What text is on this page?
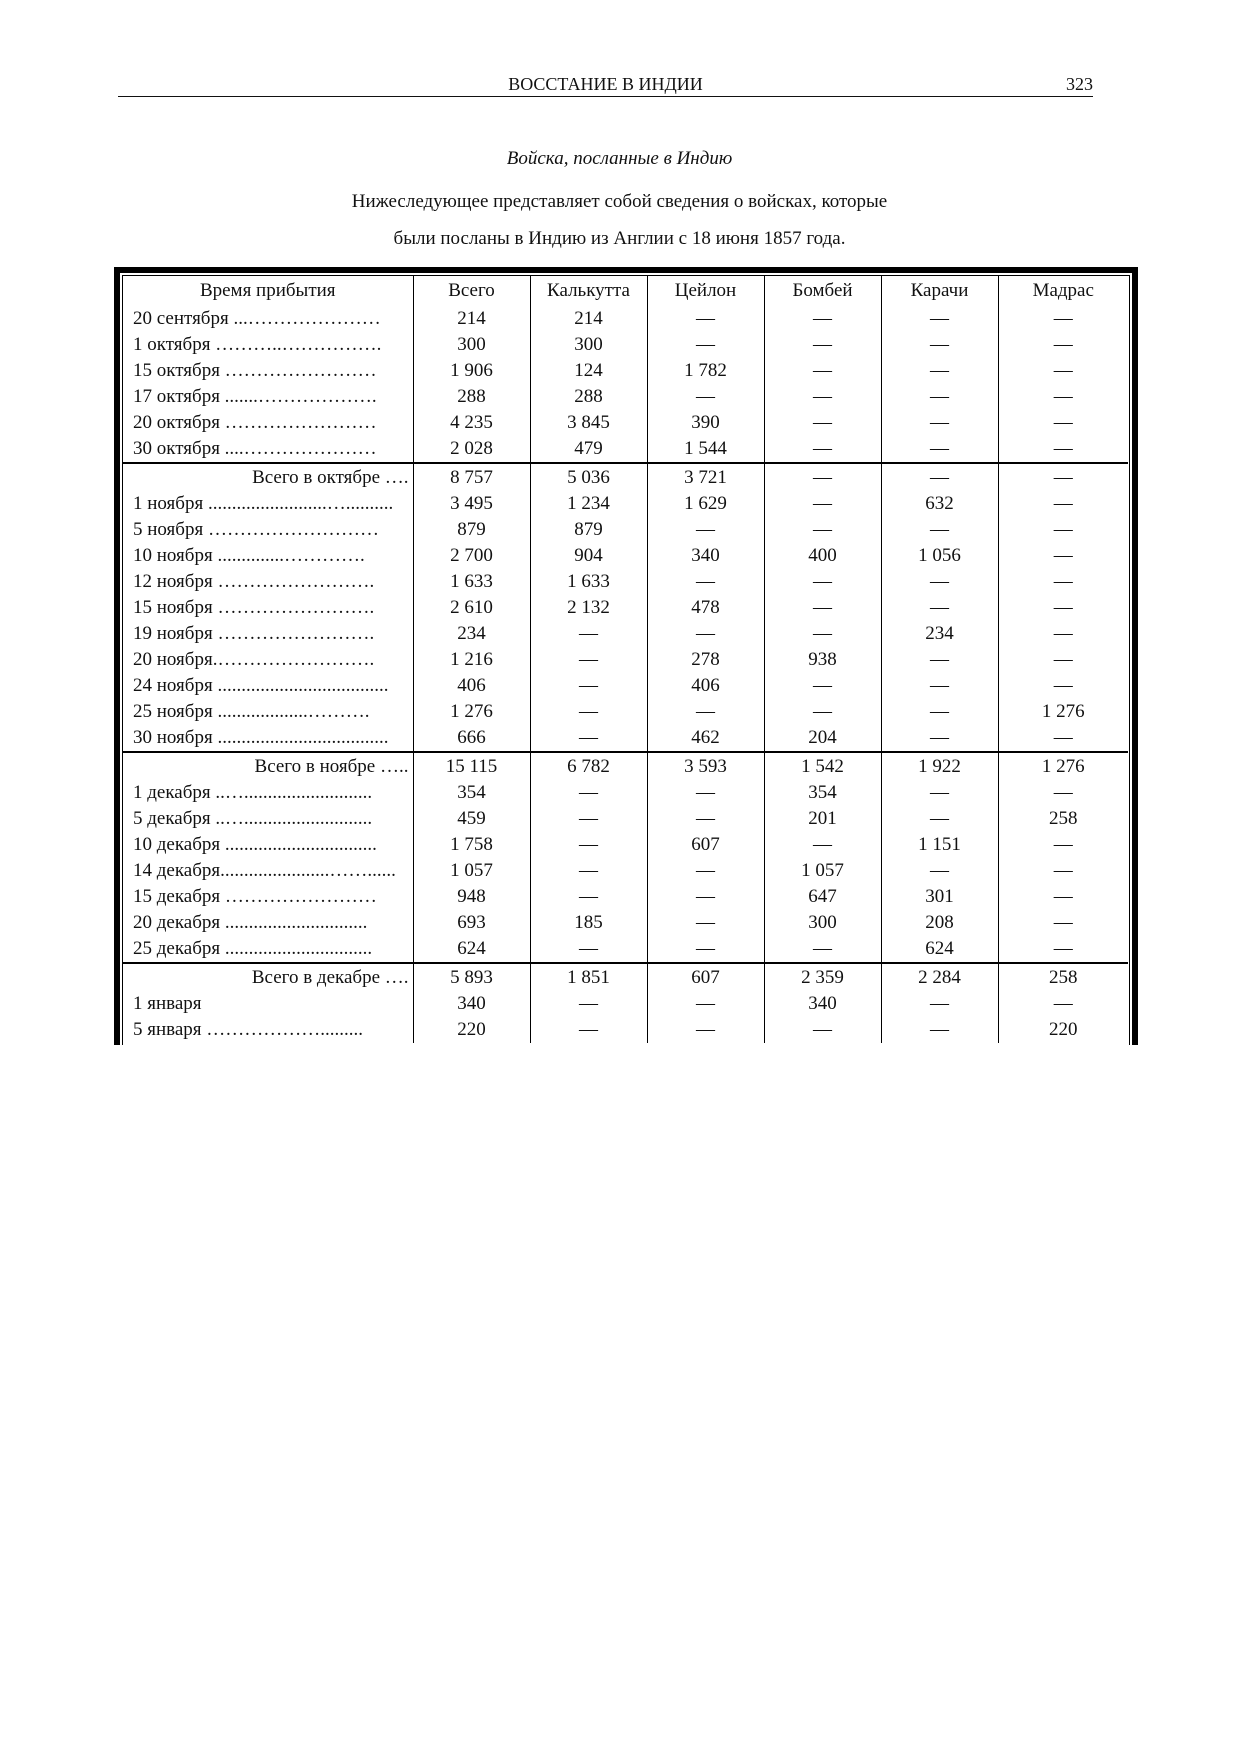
ВОССТАНИЕ В ИНДИИ	323
Войска, посланные в Индию
Нижеследующее представляет собой сведения о войсках, которые
были посланы в Индию из Англии с 18 июня 1857 года.
Время прибытия	Всего	Калькутта	Цейлон	Бомбей	Карачи	Мадрас
20 сентября ...…………………	214	214	—	—	—	—
1 октября ………..…………….	300	300	—	—	—	—
15 октября ……………………	1 906	124	1 782	—	—	—
17 октября .......……………….	288	288	—	—	—	—
20 октября ……………………	4 235	3 845	390	—	—	—
30 октября ....…………………	2 028	479	1 544	—	—	—
Всего в октябре ….	8 757	5 036	3 721	—	—	—
1 ноября .........................…..........	3 495	1 234	1 629	—	632	—
5 ноября ………………………	879	879	—	—	—	—
10 ноября ..............………….	2 700	904	340	400	1 056	—
12 ноября …………………….	1 633	1 633	—	—	—	—
15 ноября …………………….	2 610	2 132	478	—	—	—
19 ноября …………………….	234	—	—	—	234	—
20 ноября.…………………….	1 216	—	278	938	—	—
24 ноября ....................................	406	—	406	—	—	—
25 ноября ...................……….	1 276	—	—	—	—	1 276
30 ноября ....................................	666	—	462	204	—	—
Всего в ноябре …..	15 115	6 782	3 593	1 542	1 922	1 276
1 декабря ..…...........................	354	—	—	354	—	—
5 декабря ..…...........................	459	—	—	201	—	258
10 декабря ................................	1 758	—	607	—	1 151	—
14 декабря.......................……......	1 057	—	—	1 057	—	—
15 декабря ……………………	948	—	—	647	301	—
20 декабря ..............................	693	185	—	300	208	—
25 декабря ...............................	624	—	—	—	624	—
Всего в декабре ….	5 893	1 851	607	2 359	2 284	258
1 января	340	—	—	340	—	—
5 января ……………….........	220	—	—	—	—	220
